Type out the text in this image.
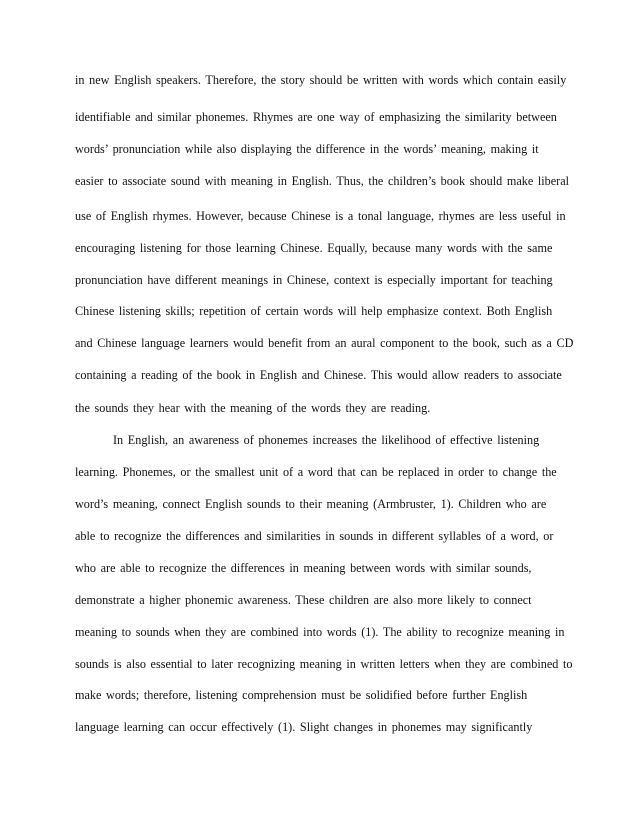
in new English speakers. Therefore, the story should be written with words which contain easily
identifiable and similar phonemes. Rhymes are one way of emphasizing the similarity between
words’ pronunciation while also displaying the difference in the words’ meaning, making it
easier to associate sound with meaning in English. Thus, the children’s book should make liberal
use of English rhymes. However, because Chinese is a tonal language, rhymes are less useful in
encouraging listening for those learning Chinese. Equally, because many words with the same
pronunciation have different meanings in Chinese, context is especially important for teaching
Chinese listening skills; repetition of certain words will help emphasize context. Both English
and Chinese language learners would benefit from an aural component to the book, such as a CD
containing a reading of the book in English and Chinese. This would allow readers to associate
the sounds they hear with the meaning of the words they are reading.
In English, an awareness of phonemes increases the likelihood of effective listening
learning. Phonemes, or the smallest unit of a word that can be replaced in order to change the
word’s meaning, connect English sounds to their meaning (Armbruster, 1). Children who are
able to recognize the differences and similarities in sounds in different syllables of a word, or
who are able to recognize the differences in meaning between words with similar sounds,
demonstrate a higher phonemic awareness. These children are also more likely to connect
meaning to sounds when they are combined into words (1). The ability to recognize meaning in
sounds is also essential to later recognizing meaning in written letters when they are combined to
make words; therefore, listening comprehension must be solidified before further English
language learning can occur effectively (1). Slight changes in phonemes may significantly
